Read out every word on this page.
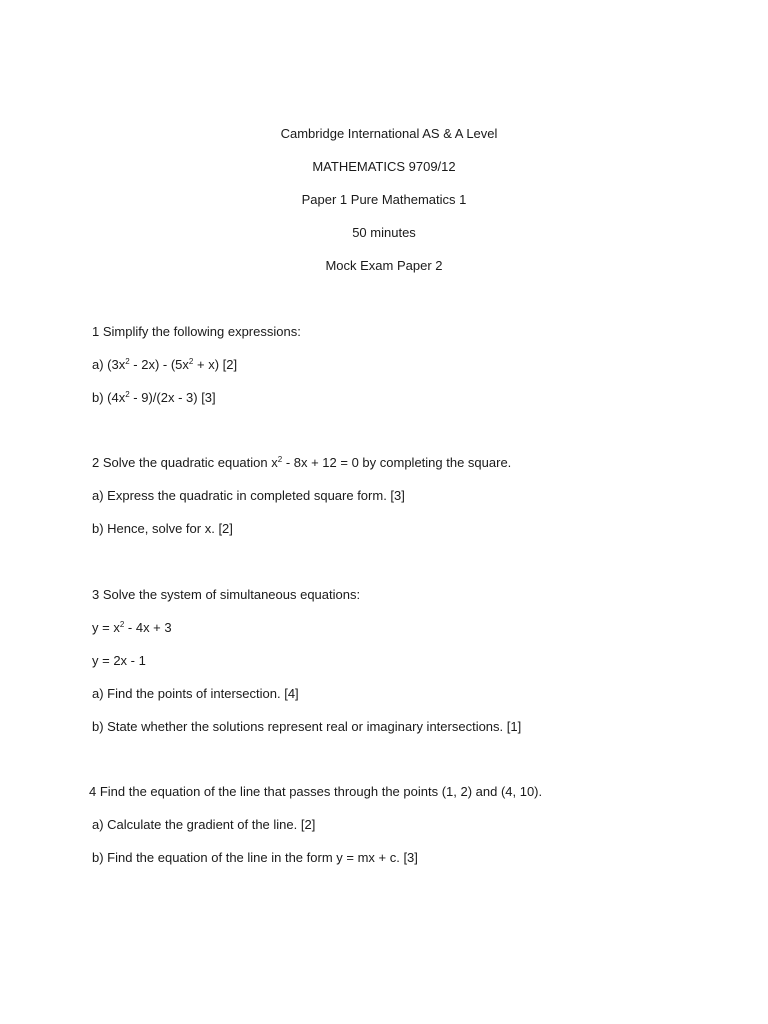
Cambridge International AS & A Level
MATHEMATICS 9709/12
Paper 1 Pure Mathematics 1
50 minutes
Mock Exam Paper 2
1 Simplify the following expressions:
a) $(3x^2 - 2x) - (5x^2 + x)$ [2]
b) $(4x^2 - 9)/(2x - 3)$ [3]
2 Solve the quadratic equation $x^2 - 8x + 12 = 0$ by completing the square.
a) Express the quadratic in completed square form. [3]
b) Hence, solve for x. [2]
3 Solve the system of simultaneous equations:
$y = x^2 - 4x + 3$
y = 2x - 1
a) Find the points of intersection. [4]
b) State whether the solutions represent real or imaginary intersections. [1]
4 Find the equation of the line that passes through the points (1, 2) and (4, 10).
a) Calculate the gradient of the line. [2]
b) Find the equation of the line in the form y = mx + c. [3]
